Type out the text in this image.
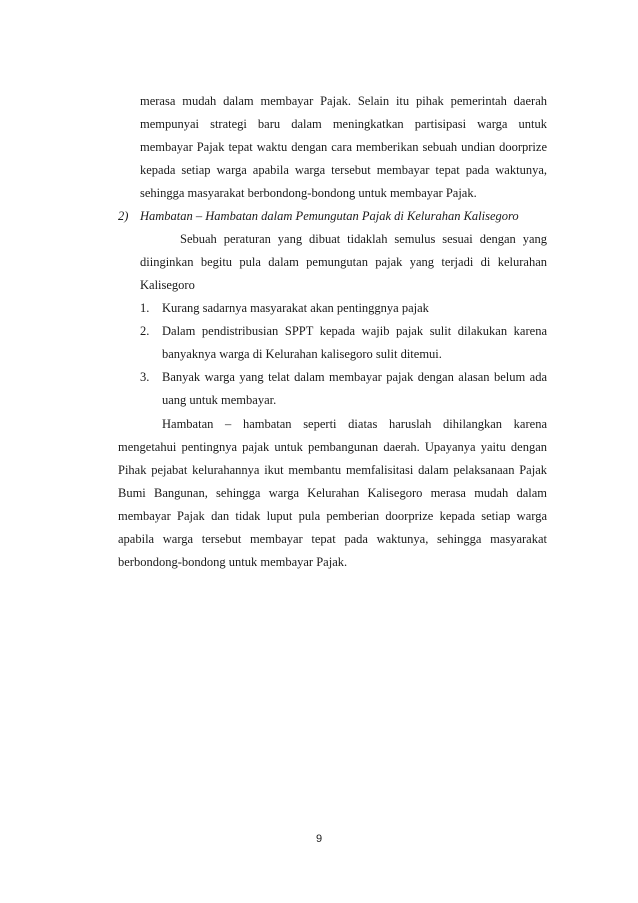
merasa mudah dalam membayar Pajak. Selain itu pihak pemerintah daerah
mempunyai strategi baru dalam meningkatkan partisipasi warga untuk
membayar Pajak tepat waktu dengan cara memberikan sebuah undian doorprize
kepada setiap warga apabila warga tersebut membayar tepat pada waktunya,
sehingga masyarakat berbondong-bondong untuk membayar Pajak.
2) Hambatan – Hambatan dalam Pemungutan Pajak di Kelurahan Kalisegoro
Sebuah peraturan yang dibuat tidaklah semulus sesuai dengan yang
diinginkan begitu pula dalam pemungutan pajak yang terjadi di kelurahan
Kalisegoro
1. Kurang sadarnya masyarakat akan pentinggnya pajak
2. Dalam pendistribusian SPPT kepada wajib pajak sulit dilakukan karena
banyaknya warga di Kelurahan kalisegoro sulit ditemui.
3. Banyak warga yang telat dalam membayar pajak dengan alasan belum ada
uang untuk membayar.
Hambatan – hambatan seperti diatas haruslah dihilangkan karena
mengetahui pentingnya pajak untuk pembangunan daerah. Upayanya yaitu dengan
Pihak pejabat kelurahannya ikut membantu memfalisitasi dalam pelaksanaan Pajak
Bumi Bangunan, sehingga warga Kelurahan Kalisegoro merasa mudah dalam
membayar Pajak dan tidak luput pula pemberian doorprize kepada setiap warga
apabila warga tersebut membayar tepat pada waktunya, sehingga masyarakat
berbondong-bondong untuk membayar Pajak.
9
